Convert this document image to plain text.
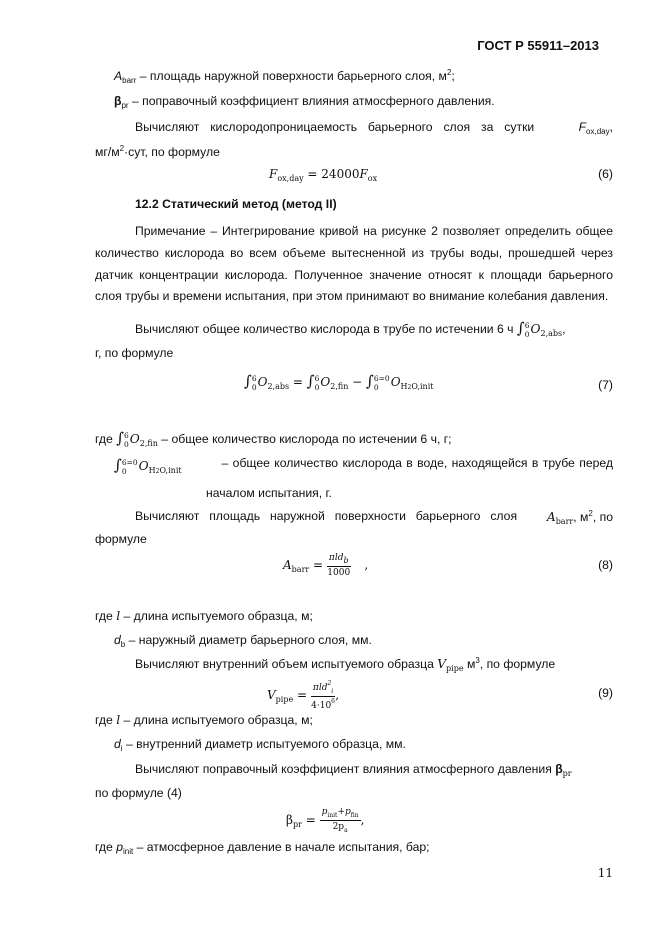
ГОСТ Р 55911–2013
$A_{barr}$ – площадь наружной поверхности барьерного слоя, $м^2$;
$\beta_{pr}$ – поправочный коэффициент влияния атмосферного давления.
Вычисляют кислородопроницаемость барьерного слоя за сутки	$F_{ox,day}$,
$мг/м^2\cdot сут$, по формуле
$F_{ox,day} = 24000F_{ox}$	(6)
12.2 Статический метод (метод II)
Примечание – Интегрирование кривой на рисунке 2 позволяет определить общее
количество кислорода во всем объеме вытесненной из трубы воды, прошедшей через
датчик концентрации кислорода. Полученное значение относят к площади барьерного
слоя трубы и времени испытания, при этом принимают во внимание колебания давления.
Вычисляют общее количество кислорода в трубе по истечении 6 ч ∫ 6
0 $O_{2,abs}$,
г, по формуле
∫ 6
0 $O_{2,abs}$ = ∫ 6
0 $O_{2,fin}$ − ∫ 6=0
0	$O_{H2O,init}$	(7)
где ∫ 6
0 $O_{2,fin}$ – общее количество кислорода по истечении 6 ч, г;
∫ 6=0
0 $O_{H2O,init}$
– общее количество кислорода в воде, находящейся в трубе перед
началом испытания, г.
Вычисляют площадь наружной поверхности барьерного слоя $A_{barr}$, $м^2$, по
формуле
$A_{barr} = \frac{\text{πldb}}{1000}$ ,	(8)
где l – длина испытуемого образца, м;
$d_b$ – наружный диаметр барьерного слоя, мм.
Вычисляют внутренний объем испытуемого образца $V_{pipe}$ $м^3$, по формуле
$V_{pipe} = \frac{\pi ld^2_i}{4\cdot 10^6}$ ,	(9)
где l – длина испытуемого образца, м;
$d_i$ – внутренний диаметр испытуемого образца, мм.
Вычисляют поправочный коэффициент влияния атмосферного давления $\beta_{pr}$
по формуле (4)
$\beta_{pr} = \frac{p_{init}+p_{fin}}{2p_a}$ ,
где $p_{init}$ – атмосферное давление в начале испытания, бар;
11
